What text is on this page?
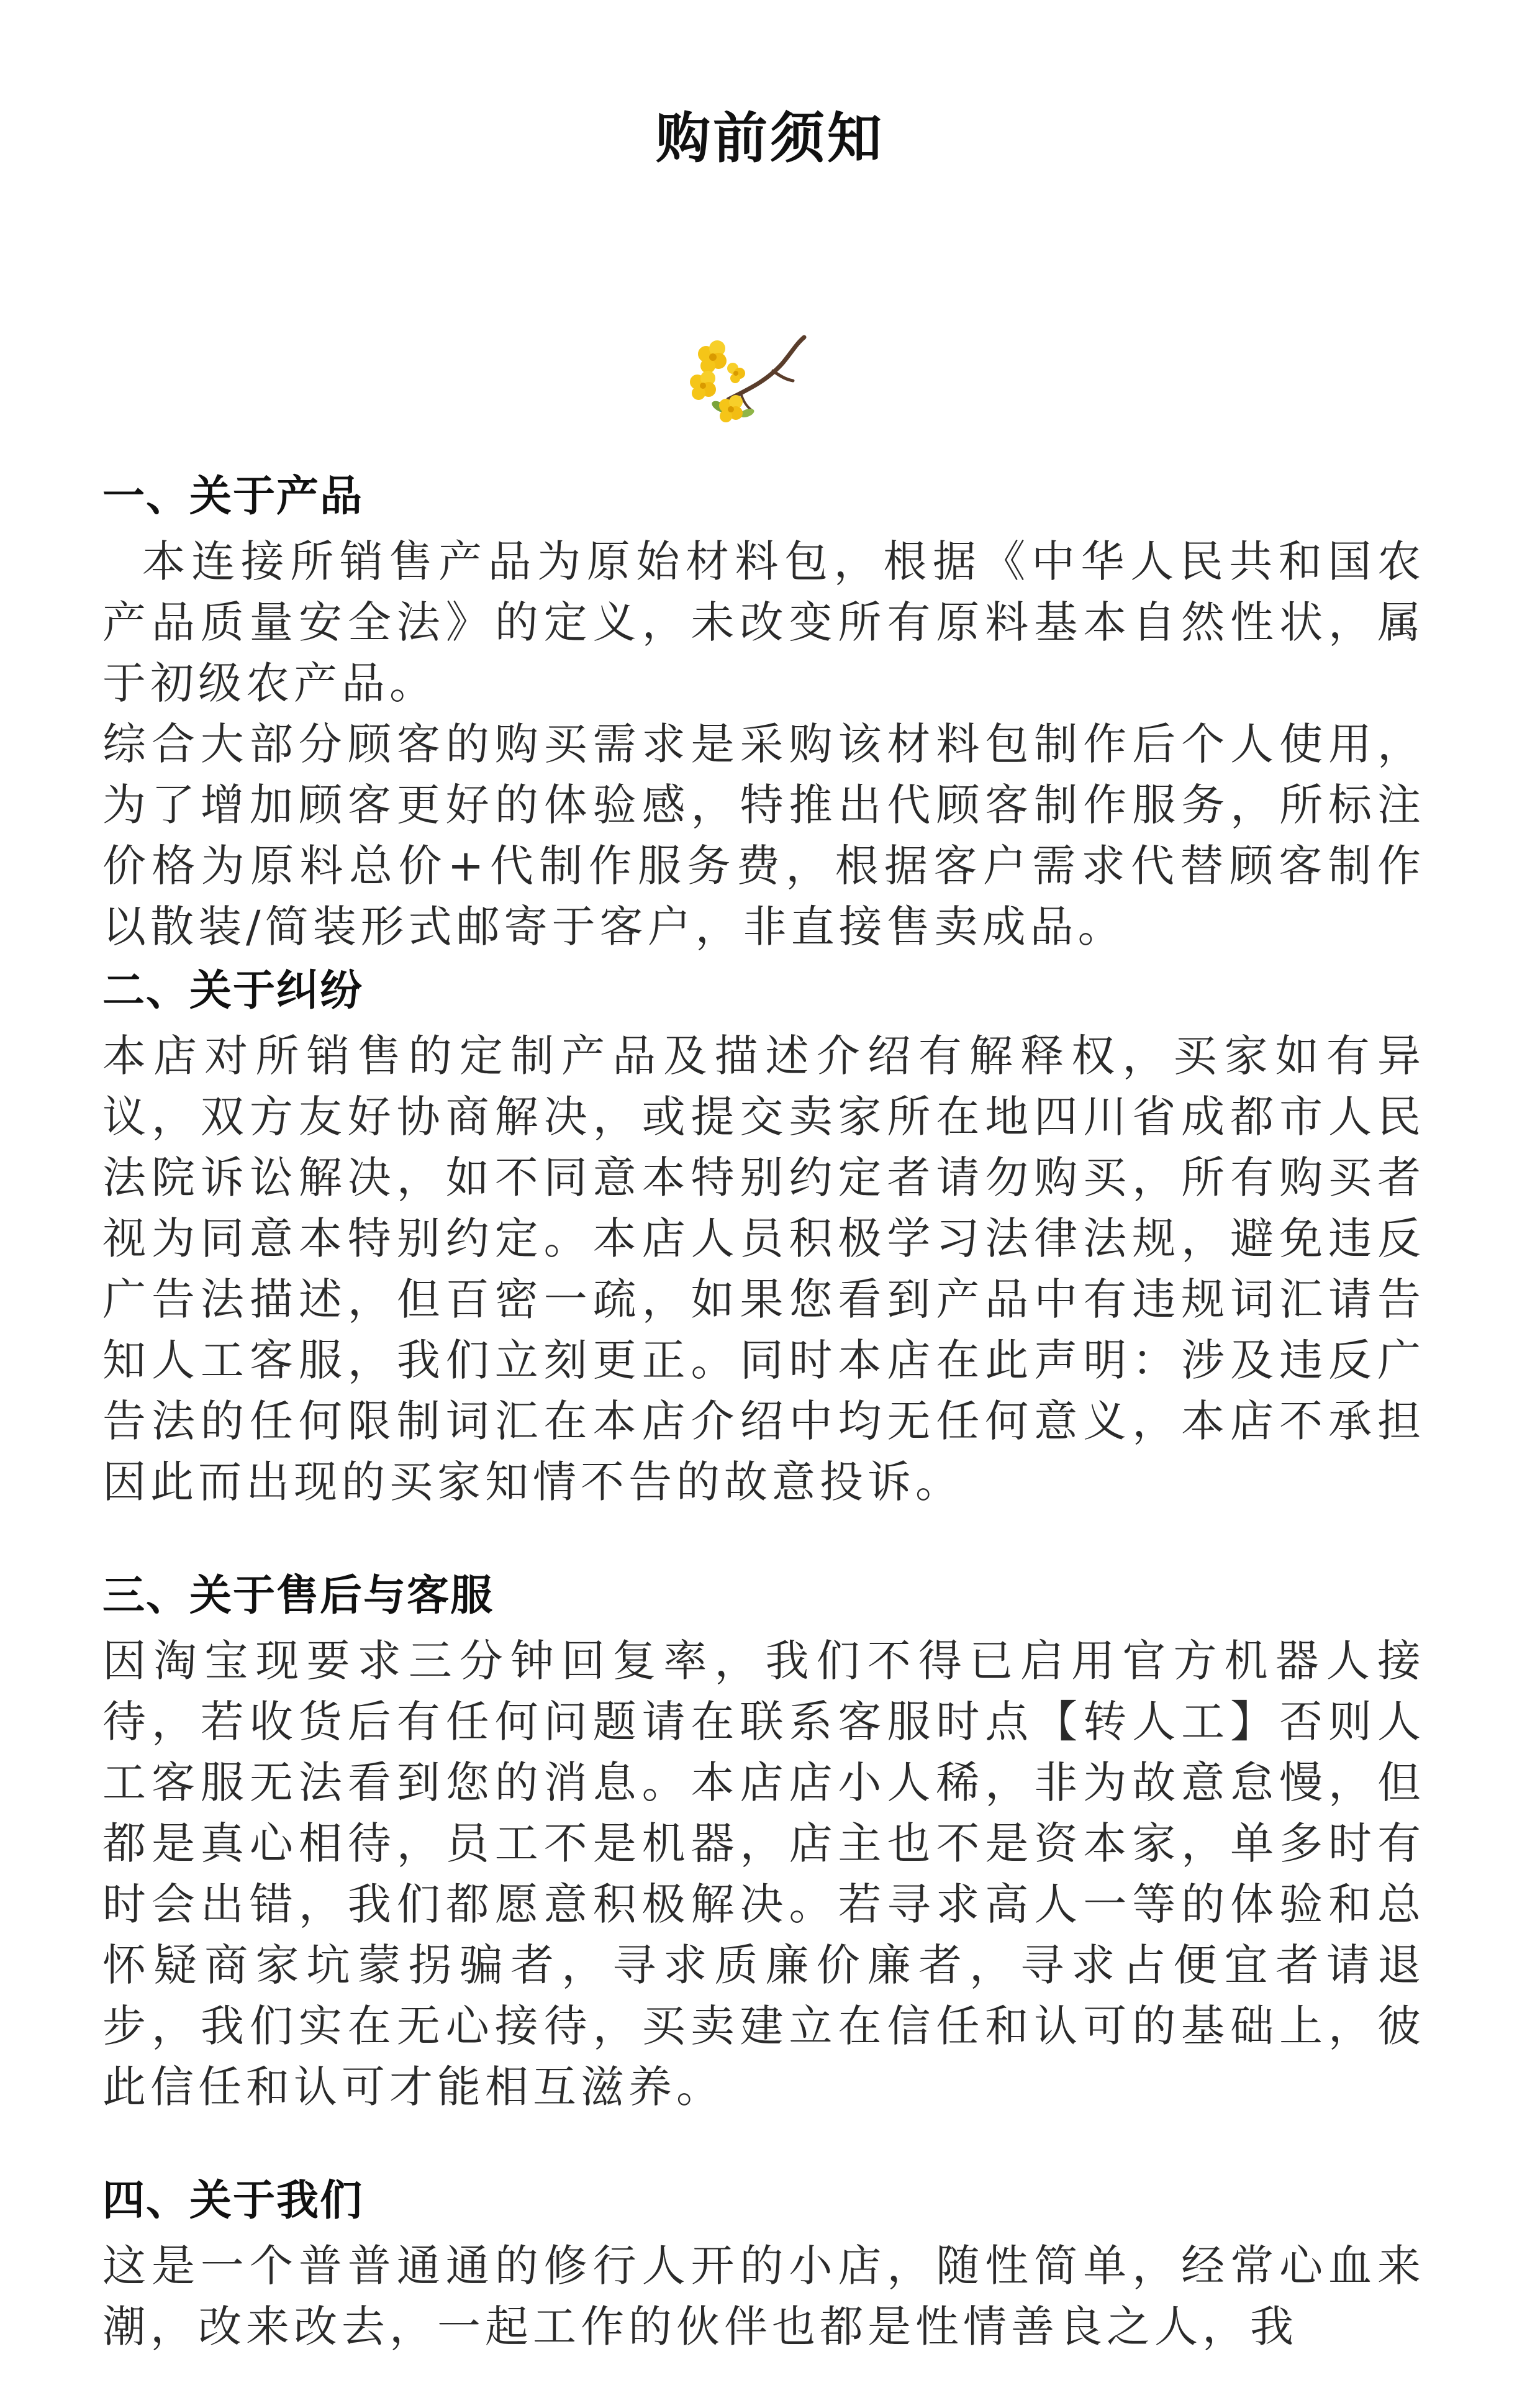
购前须知
一、关于产品

本连接所销售产品为原始材料包，根据《中华人民共和国农产品质量安全法》的定义，未改变所有原料基本自然性状，属于初级农产品。

综合大部分顾客的购买需求是采购该材料包制作后个人使用，为了增加顾客更好的体验感，特推出代顾客制作服务，所标注价格为原料总价+代制作服务费，根据客户需求代替顾客制作以散装/简装形式邮寄于客户，非直接售卖成品。

二、关于纠纷

本店对所销售的定制产品及描述介绍有解释权，买家如有异议，双方友好协商解决，或提交卖家所在地四川省成都市人民法院诉讼解决，如不同意本特别约定者请勿购买，所有购买者视为同意本特别约定。本店人员积极学习法律法规，避免违反广告法描述，但百密一疏，如果您看到产品中有违规词汇请告知人工客服，我们立刻更正。同时本店在此声明：涉及违反广告法的任何限制词汇在本店介绍中均无任何意义，本店不承担因此而出现的买家知情不告的故意投诉。

三、关于售后与客服

因淘宝现要求三分钟回复率，我们不得已启用官方机器人接待，若收货后有任何问题请在联系客服时点【转人工】否则人工客服无法看到您的消息。本店店小人稀，非为故意怠慢，但都是真心相待，员工不是机器，店主也不是资本家，单多时有时会出错，我们都愿意积极解决。若寻求高人一等的体验和总怀疑商家坑蒙拐骗者，寻求质廉价廉者，寻求占便宜者请退步，我们实在无心接待，买卖建立在信任和认可的基础上，彼此信任和认可才能相互滋养。

四、关于我们

这是一个普普通通的修行人开的小店，随性简单，经常心血来潮，改来改去，一起工作的伙伴也都是性情善良之人，我
